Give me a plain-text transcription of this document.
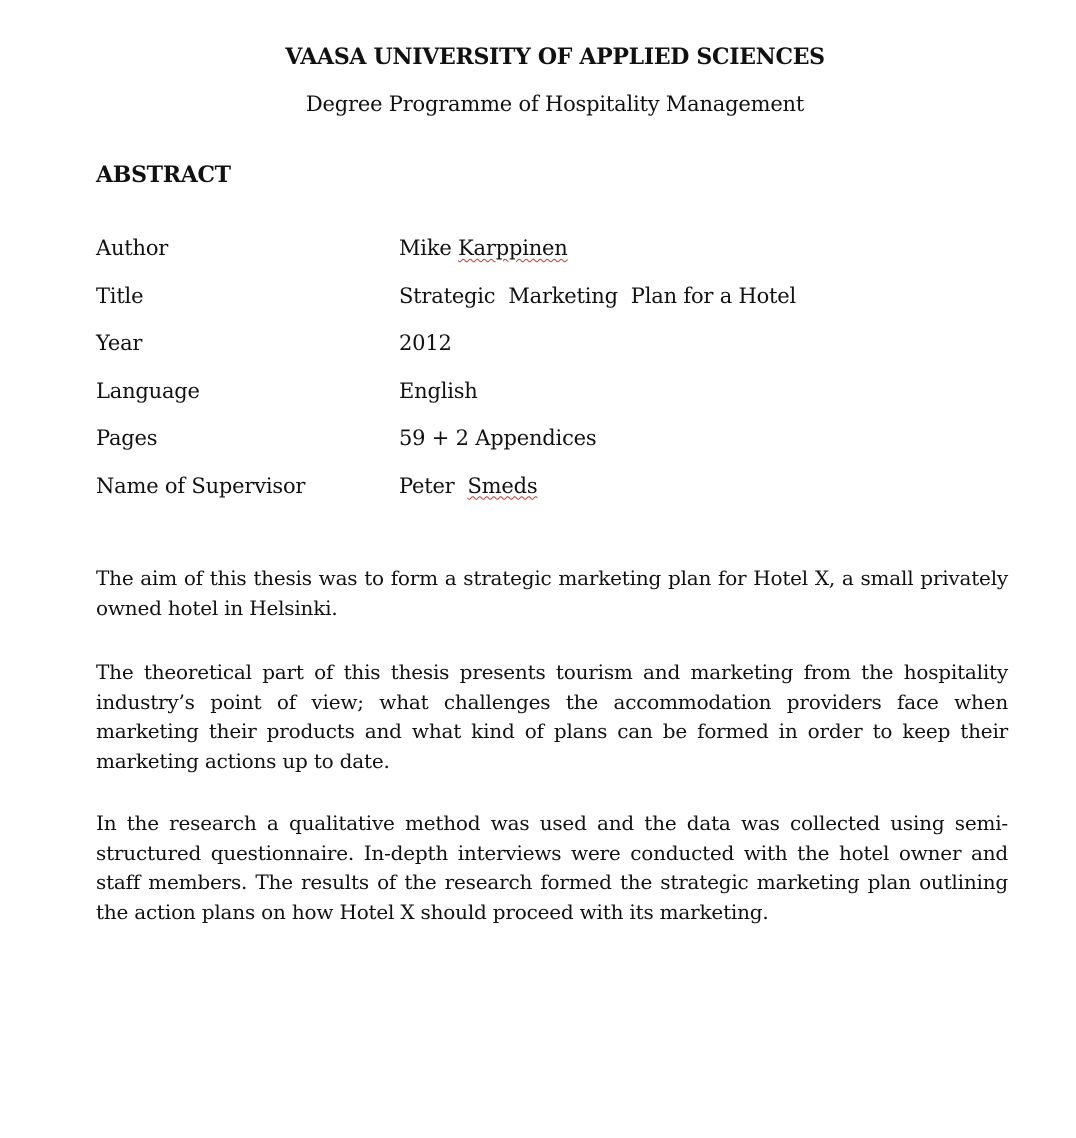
VAASA UNIVERSITY OF APPLIED SCIENCES
Degree Programme of Hospitality Management
ABSTRACT
Author	Mike Karppinen
Title	Strategic  Marketing  Plan for a Hotel
Year	2012
Language	English
Pages	59 + 2 Appendices
Name of Supervisor	Peter  Smeds

The aim of this thesis was to form a strategic marketing plan for Hotel X, a small privately owned hotel in Helsinki.

The theoretical part of this thesis presents tourism and marketing from the hospitality industry’s point of view; what challenges the accommodation providers face when marketing their products and what kind of plans can be formed in order to keep their marketing actions up to date.

In the research a qualitative method was used and the data was collected using semi-structured questionnaire. In-depth interviews were conducted with the hotel owner and staff members. The results of the research formed the strategic marketing plan outlining the action plans on how Hotel X should proceed with its marketing.
